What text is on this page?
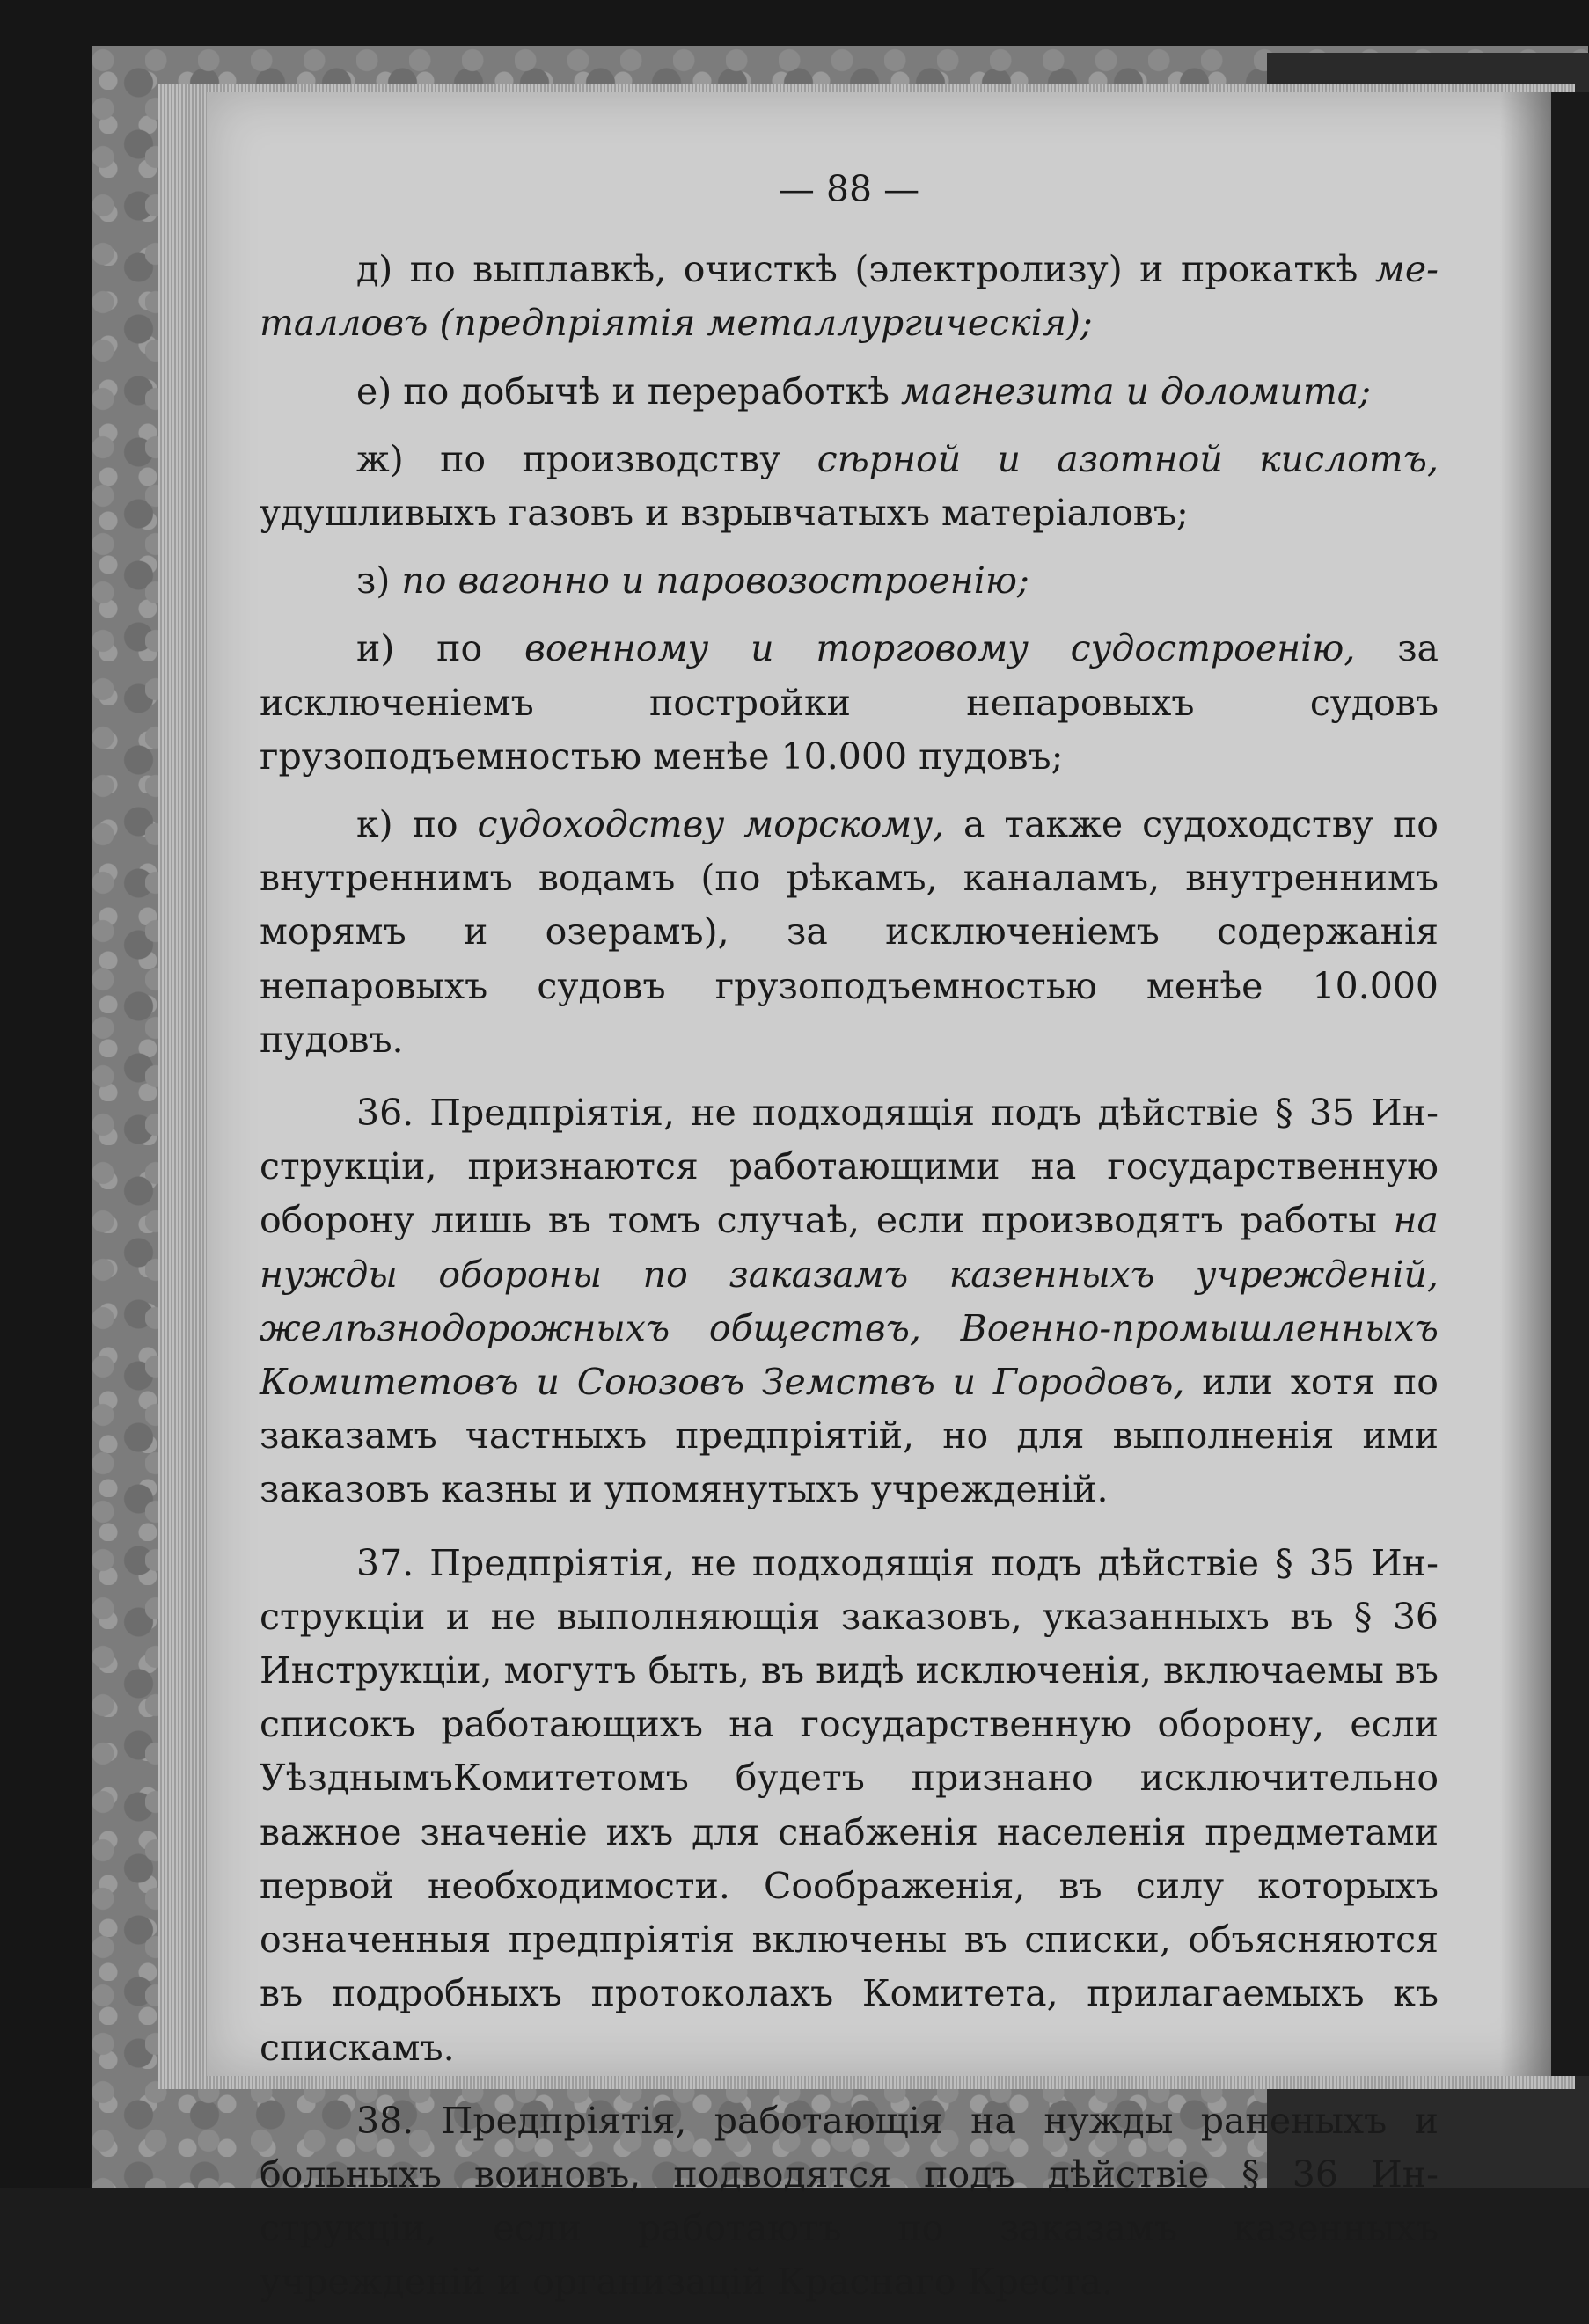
— 88 —

д) по выплавкѣ, очисткѣ (электролизу) и прокаткѣ металловъ (предпріятія металлургическія);

е) по добычѣ и переработкѣ магнезита и доломита;

ж) по производству сѣрной и азотной кислотъ, удушливыхъ газовъ и взрывчатыхъ матеріаловъ;

з) по вагонно и паровозостроенію;

и) по военному и торговому судостроенію, за исключеніемъ постройки непаровыхъ судовъ грузоподъемностью менѣе 10.000 пудовъ;

к) по судоходству морскому, а также судоходству по внутреннимъ водамъ (по рѣкамъ, каналамъ, внутреннимъ морямъ и озерамъ), за исключеніемъ содержанія непаровыхъ судовъ грузоподъемностью менѣе 10.000 пудовъ.

36. Предпріятія, не подходящія подъ дѣйствіе § 35 Инструкціи, признаются работающими на государственную оборону лишь въ томъ случаѣ, если производятъ работы на нужды обороны по заказамъ казенныхъ учрежденій, желѣзнодорожныхъ обществъ, Военно-промышленныхъ Комитетовъ и Союзовъ Земствъ и Городовъ, или хотя по заказамъ частныхъ предпріятій, но для выполненія ими заказовъ казны и упомянутыхъ учрежденій.

37. Предпріятія, не подходящія подъ дѣйствіе § 35 Инструкціи и не выполняющія заказовъ, указанныхъ въ § 36 Инструкціи, могутъ быть, въ видѣ исключенія, включаемы въ списокъ работающихъ на государственную оборону, если УѣзднымъКомитетомъ будетъ признано исключительно важное значеніе ихъ для снабженія населенія предметами первой необходимости. Соображенія, въ силу которыхъ означенныя предпріятія включены въ списки, объясняются въ подробныхъ протоколахъ Комитета, прилагаемыхъ къ спискамъ.

38. Предпріятія, работающія на нужды раненыхъ и больныхъ воиновъ, подводятся подъ дѣйствіе § 36 Инструкціи, если работаютъ по заказамъ казенныхъ учрежденій и организацій Краснаго Креста.
